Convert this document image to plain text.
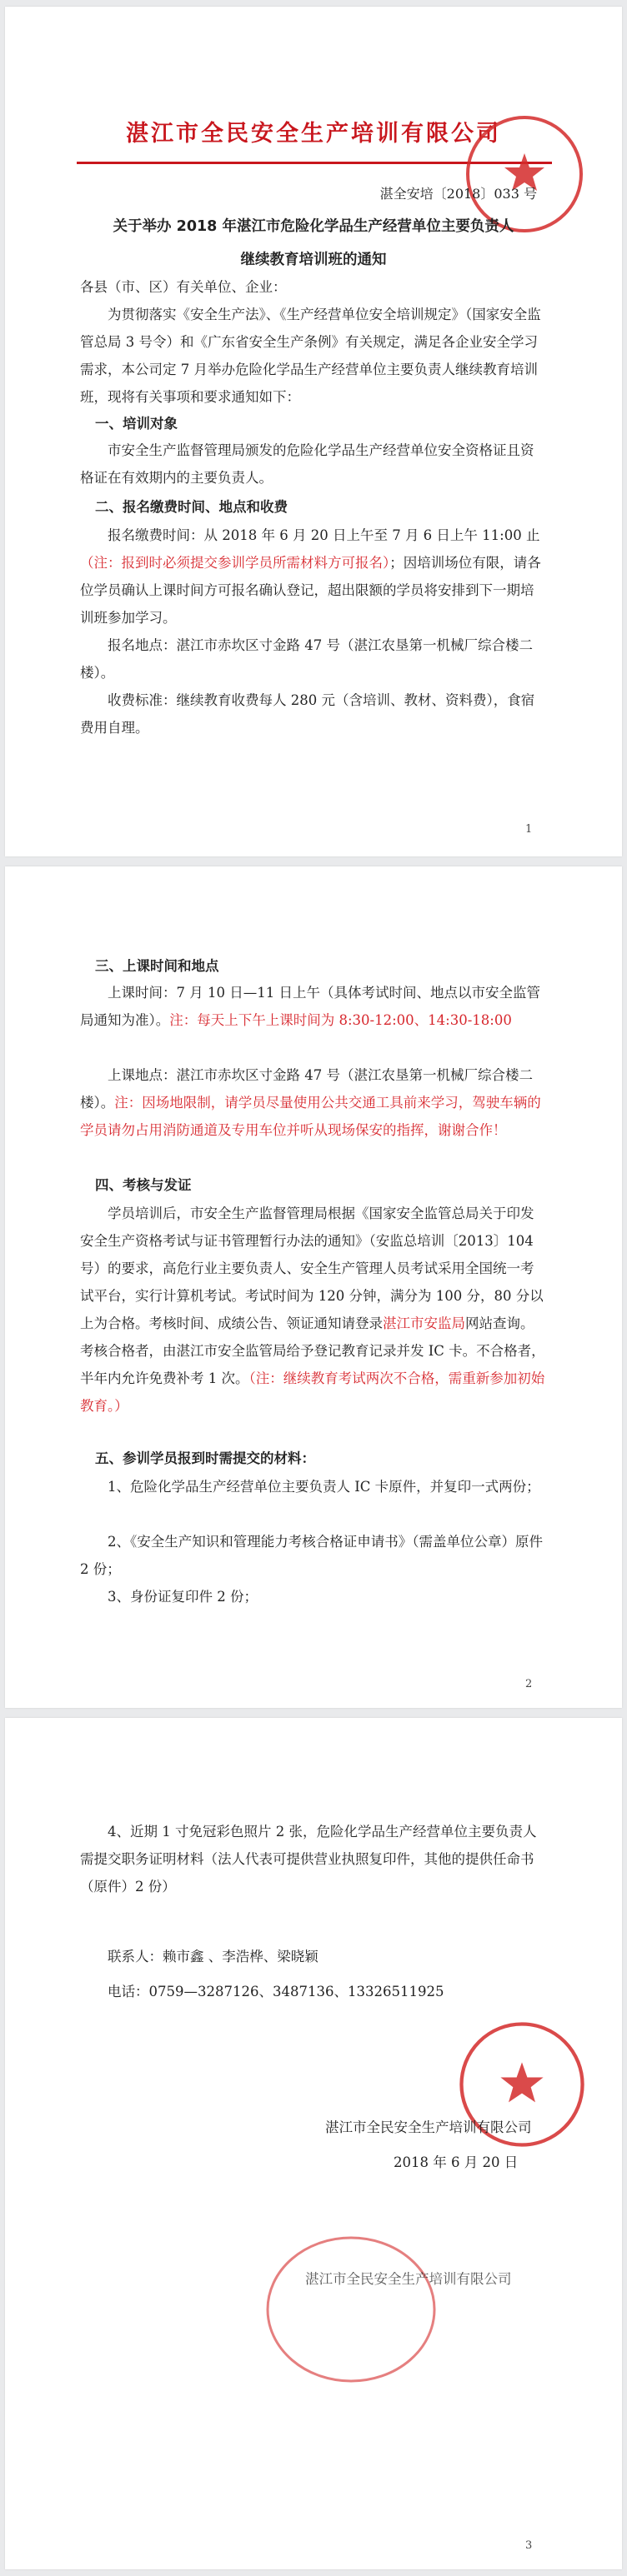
湛江市全民安全生产培训有限公司
湛全安培〔2018〕033 号
关于举办 2018 年湛江市危险化学品生产经营单位主要负责人
继续教育培训班的通知

各县（市、区）有关单位、企业：

为贯彻落实《安全生产法》、《生产经营单位安全培训规定》（国家安全监管总局 3 号令）和《广东省安全生产条例》有关规定，满足各企业安全学习需求，本公司定 7 月举办危险化学品生产经营单位主要负责人继续教育培训班，现将有关事项和要求通知如下：

一、培训对象

市安全生产监督管理局颁发的危险化学品生产经营单位安全资格证且资格证在有效期内的主要负责人。

二、报名缴费时间、地点和收费

报名缴费时间：从 2018 年 6 月 20 日上午至 7 月 6 日上午 11:00 止（注：报到时必须提交参训学员所需材料方可报名）；因培训场位有限，请各位学员确认上课时间方可报名确认登记，超出限额的学员将安排到下一期培训班参加学习。

报名地点：湛江市赤坎区寸金路 47 号（湛江农垦第一机械厂综合楼二楼）。

收费标准：继续教育收费每人 280 元（含培训、教材、资料费），食宿费用自理。

1
三、上课时间和地点

上课时间：7 月 10 日—11 日上午（具体考试时间、地点以市安全监管局通知为准）。注：每天上下午上课时间为 8:30-12:00、14:30-18:00

上课地点：湛江市赤坎区寸金路 47 号（湛江农垦第一机械厂综合楼二楼）。注：因场地限制，请学员尽量使用公共交通工具前来学习，驾驶车辆的学员请勿占用消防通道及专用车位并听从现场保安的指挥，谢谢合作！

四、考核与发证

学员培训后，市安全生产监督管理局根据《国家安全监管总局关于印发安全生产资格考试与证书管理暂行办法的通知》（安监总培训〔2013〕104 号）的要求，高危行业主要负责人、安全生产管理人员考试采用全国统一考试平台，实行计算机考试。考试时间为 120 分钟，满分为 100 分，80 分以上为合格。考核时间、成绩公告、领证通知请登录湛江市安监局网站查询。考核合格者，由湛江市安全监管局给予登记教育记录并发 IC 卡。不合格者，半年内允许免费补考 1 次。（注：继续教育考试两次不合格，需重新参加初始教育。）

五、参训学员报到时需提交的材料：

1、危险化学品生产经营单位主要负责人 IC 卡原件，并复印一式两份；

2、《安全生产知识和管理能力考核合格证申请书》（需盖单位公章）原件 2 份；

3、身份证复印件 2 份；

2

4、近期 1 寸免冠彩色照片 2 张，危险化学品生产经营单位主要负责人需提交职务证明材料（法人代表可提供营业执照复印件，其他的提供任命书（原件）2 份）

联系人：赖市鑫 、李浩桦、梁晓颖

电话：0759—3287126、3487136、13326511925

湛江市全民安全生产培训有限公司
2018 年 6 月 20 日
湛江市全民安全生产培训有限公司
3
